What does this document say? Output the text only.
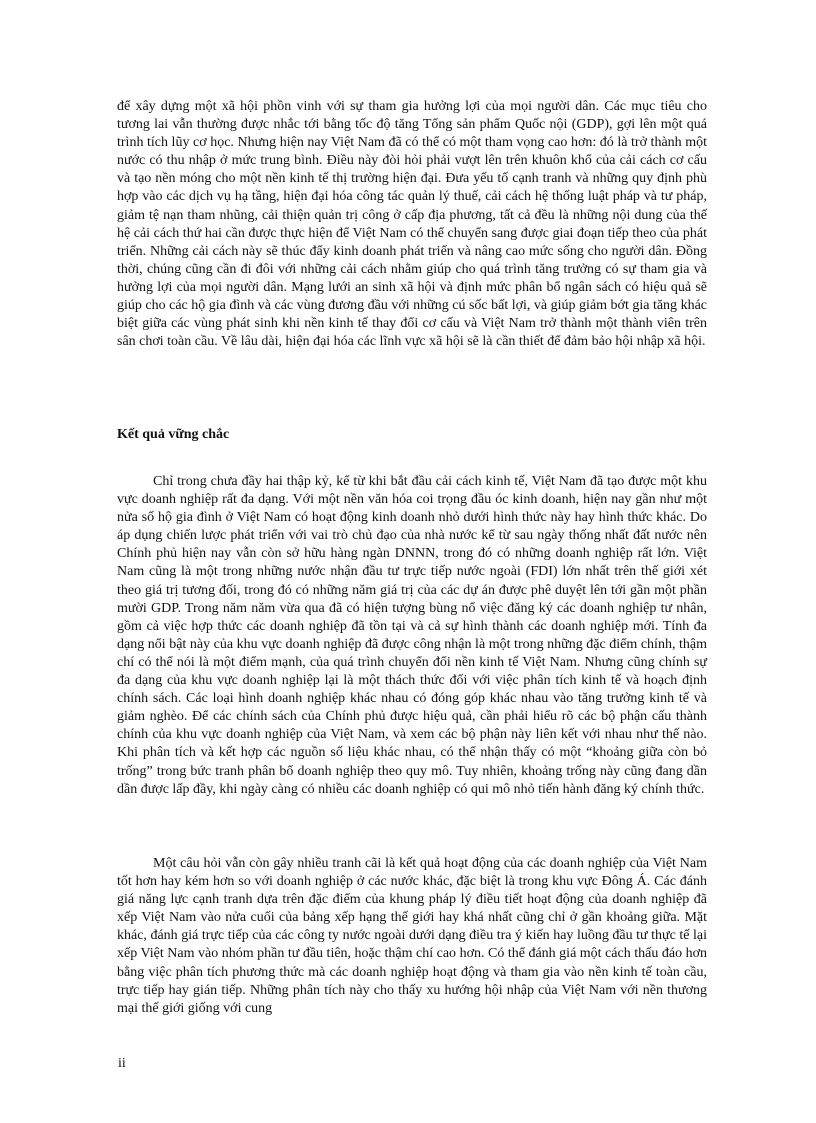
để xây dựng một xã hội phồn vinh với sự tham gia hưởng lợi của mọi người dân. Các mục tiêu cho tương lai vẫn thường được nhắc tới bằng tốc độ tăng Tổng sản phẩm Quốc nội (GDP), gợi lên một quá trình tích lũy cơ học. Nhưng hiện nay Việt Nam đã có thể có một tham vọng cao hơn: đó là trở thành một nước có thu nhập ở mức trung bình. Điều này đòi hỏi phải vượt lên trên khuôn khổ của cải cách cơ cấu và tạo nền móng cho một nền kinh tế thị trường hiện đại. Đưa yếu tố cạnh tranh và những quy định phù hợp vào các dịch vụ hạ tầng, hiện đại hóa công tác quản lý thuế, cải cách hệ thống luật pháp và tư pháp, giảm tệ nạn tham nhũng, cải thiện quản trị công ở cấp địa phương, tất cả đều là những nội dung của thế hệ cải cách thứ hai cần được thực hiện để Việt Nam có thể chuyển sang được giai đoạn tiếp theo của phát triển. Những cải cách này sẽ thúc đẩy kinh doanh phát triển và nâng cao mức sống cho người dân. Đồng thời, chúng cũng cần đi đôi với những cải cách nhằm giúp cho quá trình tăng trưởng có sự tham gia và hưởng lợi của mọi người dân. Mạng lưới an sinh xã hội và định mức phân bổ ngân sách có hiệu quả sẽ giúp cho các hộ gia đình và các vùng đương đầu với những cú sốc bất lợi, và giúp giảm bớt gia tăng khác biệt giữa các vùng phát sinh khi nền kinh tế thay đổi cơ cấu và Việt Nam trở thành một thành viên trên sân chơi toàn cầu. Về lâu dài, hiện đại hóa các lĩnh vực xã hội sẽ là cần thiết để đảm bảo hội nhập xã hội.

Kết quả vững chắc

Chỉ trong chưa đầy hai thập kỷ, kể từ khi bắt đầu cải cách kinh tế, Việt Nam đã tạo được một khu vực doanh nghiệp rất đa dạng. Với một nền văn hóa coi trọng đầu óc kinh doanh, hiện nay gần như một nửa số hộ gia đình ở Việt Nam có hoạt động kinh doanh nhỏ dưới hình thức này hay hình thức khác. Do áp dụng chiến lược phát triển với vai trò chủ đạo của nhà nước kể từ sau ngày thống nhất đất nước nên Chính phủ hiện nay vẫn còn sở hữu hàng ngàn DNNN, trong đó có những doanh nghiệp rất lớn. Việt Nam cũng là một trong những nước nhận đầu tư trực tiếp nước ngoài (FDI) lớn nhất trên thế giới xét theo giá trị tương đối, trong đó có những năm giá trị của các dự án được phê duyệt lên tới gần một phần mười GDP. Trong năm năm vừa qua đã có hiện tượng bùng nổ việc đăng ký các doanh nghiệp tư nhân, gồm cả việc hợp thức các doanh nghiệp đã tồn tại và cả sự hình thành các doanh nghiệp mới. Tính đa dạng nổi bật này của khu vực doanh nghiệp đã được công nhận là một trong những đặc điểm chính, thậm chí có thể nói là một điểm mạnh, của quá trình chuyển đổi nền kinh tế Việt Nam. Nhưng cũng chính sự đa dạng của khu vực doanh nghiệp lại là một thách thức đối với việc phân tích kinh tế và hoạch định chính sách. Các loại hình doanh nghiệp khác nhau có đóng góp khác nhau vào tăng trưởng kinh tế và giảm nghèo. Để các chính sách của Chính phủ được hiệu quả, cần phải hiểu rõ các bộ phận cấu thành chính của khu vực doanh nghiệp của Việt Nam, và xem các bộ phận này liên kết với nhau như thế nào. Khi phân tích và kết hợp các nguồn số liệu khác nhau, có thể nhận thấy có một “khoảng giữa còn bỏ trống” trong bức tranh phân bổ doanh nghiệp theo quy mô. Tuy nhiên, khoảng trống này cũng đang dần dần được lấp đầy, khi ngày càng có nhiều các doanh nghiệp có qui mô nhỏ tiến hành đăng ký chính thức.

Một câu hỏi vẫn còn gây nhiều tranh cãi là kết quả hoạt động của các doanh nghiệp của Việt Nam tốt hơn hay kém hơn so với doanh nghiệp ở các nước khác, đặc biệt là trong khu vực Đông Á. Các đánh giá năng lực cạnh tranh dựa trên đặc điểm của khung pháp lý điều tiết hoạt động của doanh nghiệp đã xếp Việt Nam vào nửa cuối của bảng xếp hạng thế giới hay khá nhất cũng chỉ ở gần khoảng giữa. Mặt khác, đánh giá trực tiếp của các công ty nước ngoài dưới dạng điều tra ý kiến hay luồng đầu tư thực tế lại xếp Việt Nam vào nhóm phần tư đầu tiên, hoặc thậm chí cao hơn. Có thể đánh giá một cách thấu đáo hơn bằng việc phân tích phương thức mà các doanh nghiệp hoạt động và tham gia vào nền kinh tế toàn cầu, trực tiếp hay gián tiếp. Những phân tích này cho thấy xu hướng hội nhập của Việt Nam với nền thương mại thế giới giống với cung

ii
